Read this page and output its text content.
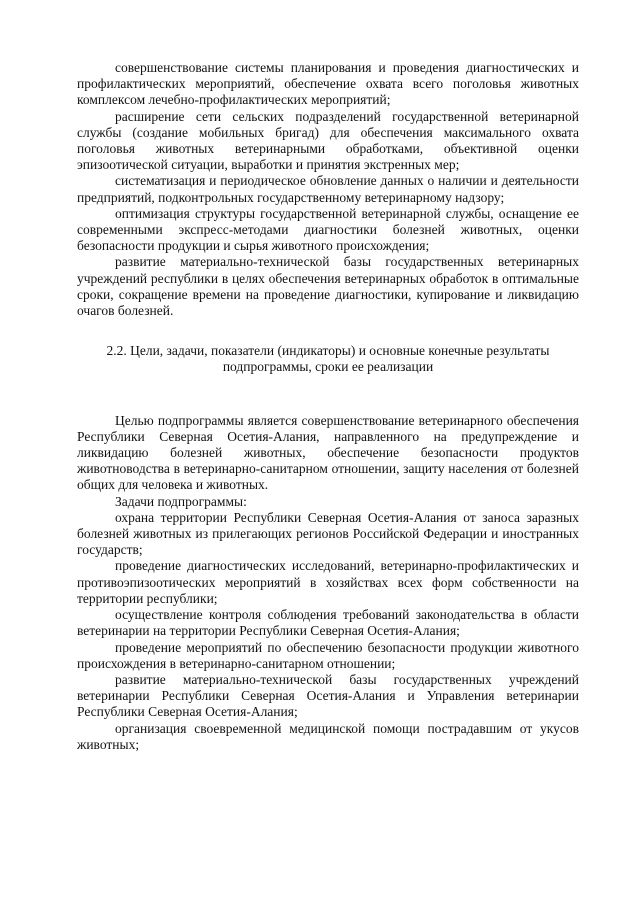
совершенствование системы планирования и проведения диагностических и профилактических мероприятий, обеспечение охвата всего поголовья животных комплексом лечебно-профилактических мероприятий;

расширение сети сельских подразделений государственной ветеринарной службы (создание мобильных бригад) для обеспечения максимального охвата поголовья животных ветеринарными обработками, объективной оценки эпизоотической ситуации, выработки и принятия экстренных мер;

систематизация и периодическое обновление данных о наличии и деятельности предприятий, подконтрольных государственному ветеринарному надзору;

оптимизация структуры государственной ветеринарной службы, оснащение ее современными экспресс-методами диагностики болезней животных, оценки безопасности продукции и сырья животного происхождения;

развитие материально-технической базы государственных ветеринарных учреждений республики в целях обеспечения ветеринарных обработок в оптимальные сроки, сокращение времени на проведение диагностики, купирование и ликвидацию очагов болезней.

2.2. Цели, задачи, показатели (индикаторы) и основные конечные результаты

подпрограммы, сроки ее реализации

Целью подпрограммы является совершенствование ветеринарного обеспечения Республики Северная Осетия-Алания, направленного на предупреждение и ликвидацию болезней животных, обеспечение безопасности продуктов животноводства в ветеринарно-санитарном отношении, защиту населения от болезней общих для человека и животных.

Задачи подпрограммы:

охрана территории Республики Северная Осетия-Алания от заноса заразных болезней животных из прилегающих регионов Российской Федерации и иностранных государств;

проведение диагностических исследований, ветеринарно-профилактических и противоэпизоотических мероприятий в хозяйствах всех форм собственности на территории республики;

осуществление контроля соблюдения требований законодательства в области ветеринарии на территории Республики Северная Осетия-Алания;

проведение мероприятий по обеспечению безопасности продукции животного происхождения в ветеринарно-санитарном отношении;

развитие материально-технической базы государственных учреждений ветеринарии Республики Северная Осетия-Алания и Управления ветеринарии Республики Северная Осетия-Алания;

организация своевременной медицинской помощи пострадавшим от укусов животных;
